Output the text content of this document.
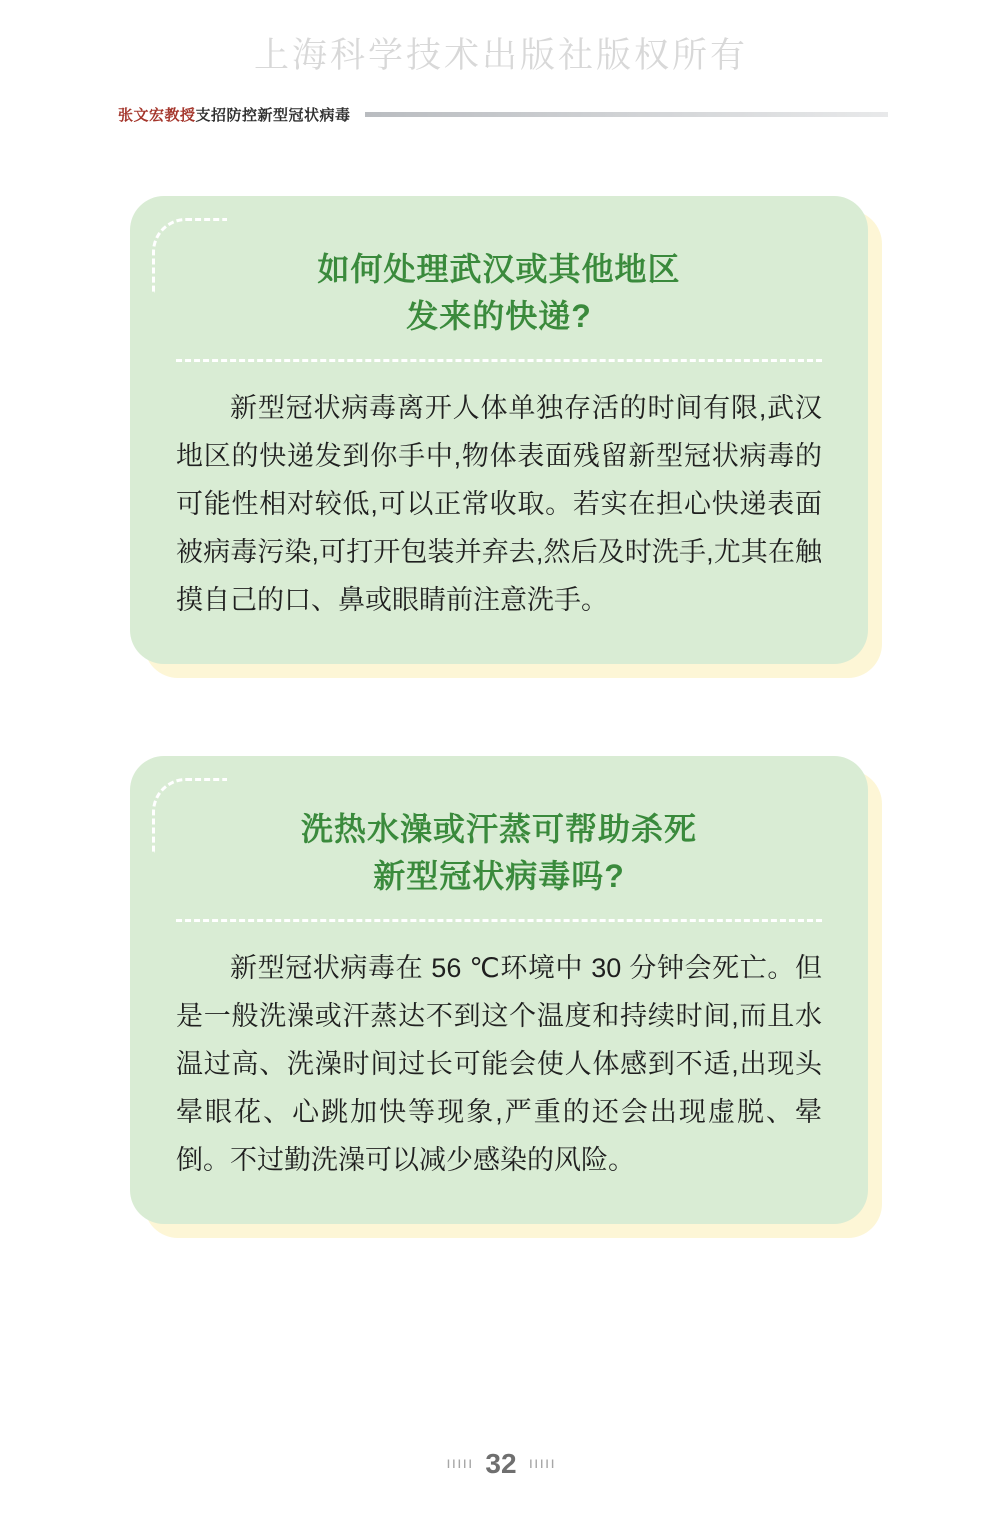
上海科学技术出版社版权所有
张文宏教授 支招防控新型冠状病毒
如何处理武汉或其他地区
发来的快递?

新型冠状病毒离开人体单独存活的时间有限,武汉地区的快递发到你手中,物体表面残留新型冠状病毒的可能性相对较低,可以正常收取。若实在担心快递表面被病毒污染,可打开包装并弃去,然后及时洗手,尤其在触摸自己的口、鼻或眼睛前注意洗手。

洗热水澡或汗蒸可帮助杀死
新型冠状病毒吗?

新型冠状病毒在 56 ℃环境中 30 分钟会死亡。但是一般洗澡或汗蒸达不到这个温度和持续时间,而且水温过高、洗澡时间过长可能会使人体感到不适,出现头晕眼花、心跳加快等现象,严重的还会出现虚脱、晕倒。不过勤洗澡可以减少感染的风险。

ııııı 32 ııııı
